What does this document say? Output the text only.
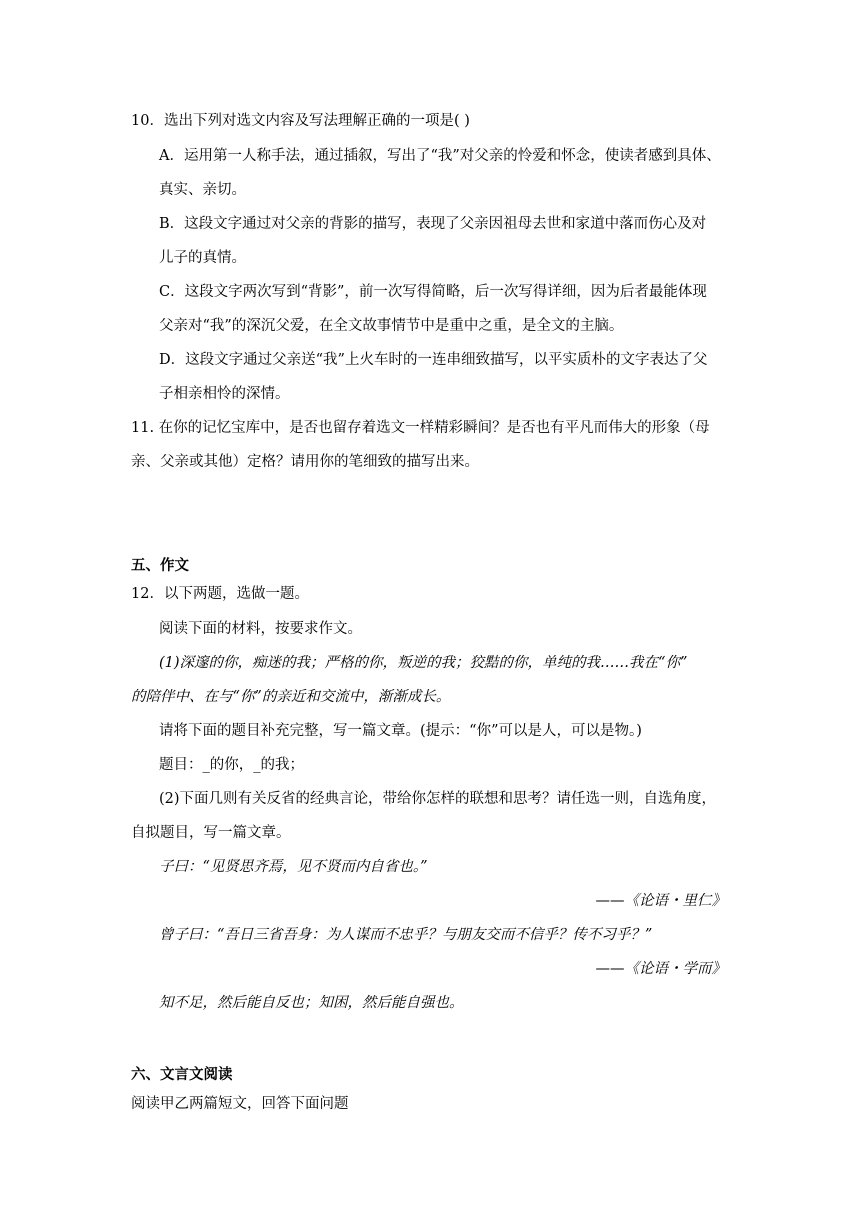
10．选出下列对选文内容及写法理解正确的一项是( )
A．运用第一人称手法，通过插叙，写出了“我”对父亲的怜爱和怀念，使读者感到具体、
真实、亲切。
B．这段文字通过对父亲的背影的描写，表现了父亲因祖母去世和家道中落而伤心及对
儿子的真情。
C．这段文字两次写到“背影”，前一次写得简略，后一次写得详细，因为后者最能体现
父亲对“我”的深沉父爱，在全文故事情节中是重中之重，是全文的主脑。
D．这段文字通过父亲送“我”上火车时的一连串细致描写，以平实质朴的文字表达了父
子相亲相怜的深情。
11. 在你的记忆宝库中，是否也留存着选文一样精彩瞬间？是否也有平凡而伟大的形象（母
亲、父亲或其他）定格？请用你的笔细致的描写出来。
五、作文
12．以下两题，选做一题。
阅读下面的材料，按要求作文。
(1)深邃的你，痴迷的我；严格的你，叛逆的我；狡黠的你，单纯的我……我在“你”
的陪伴中、在与“你”的亲近和交流中，渐渐成长。
请将下面的题目补充完整，写一篇文章。(提示：“你”可以是人，可以是物。)
题目：_的你，_的我；
(2)下面几则有关反省的经典言论，带给你怎样的联想和思考？请任选一则，自选角度，
自拟题目，写一篇文章。
子曰：“见贤思齐焉，见不贤而内自省也。”
——《论语・里仁》
曾子曰：“吾日三省吾身：为人谋而不忠乎？与朋友交而不信乎？传不习乎？”
——《论语・学而》
知不足，然后能自反也；知困，然后能自强也。
六、文言文阅读
阅读甲乙两篇短文，回答下面问题
